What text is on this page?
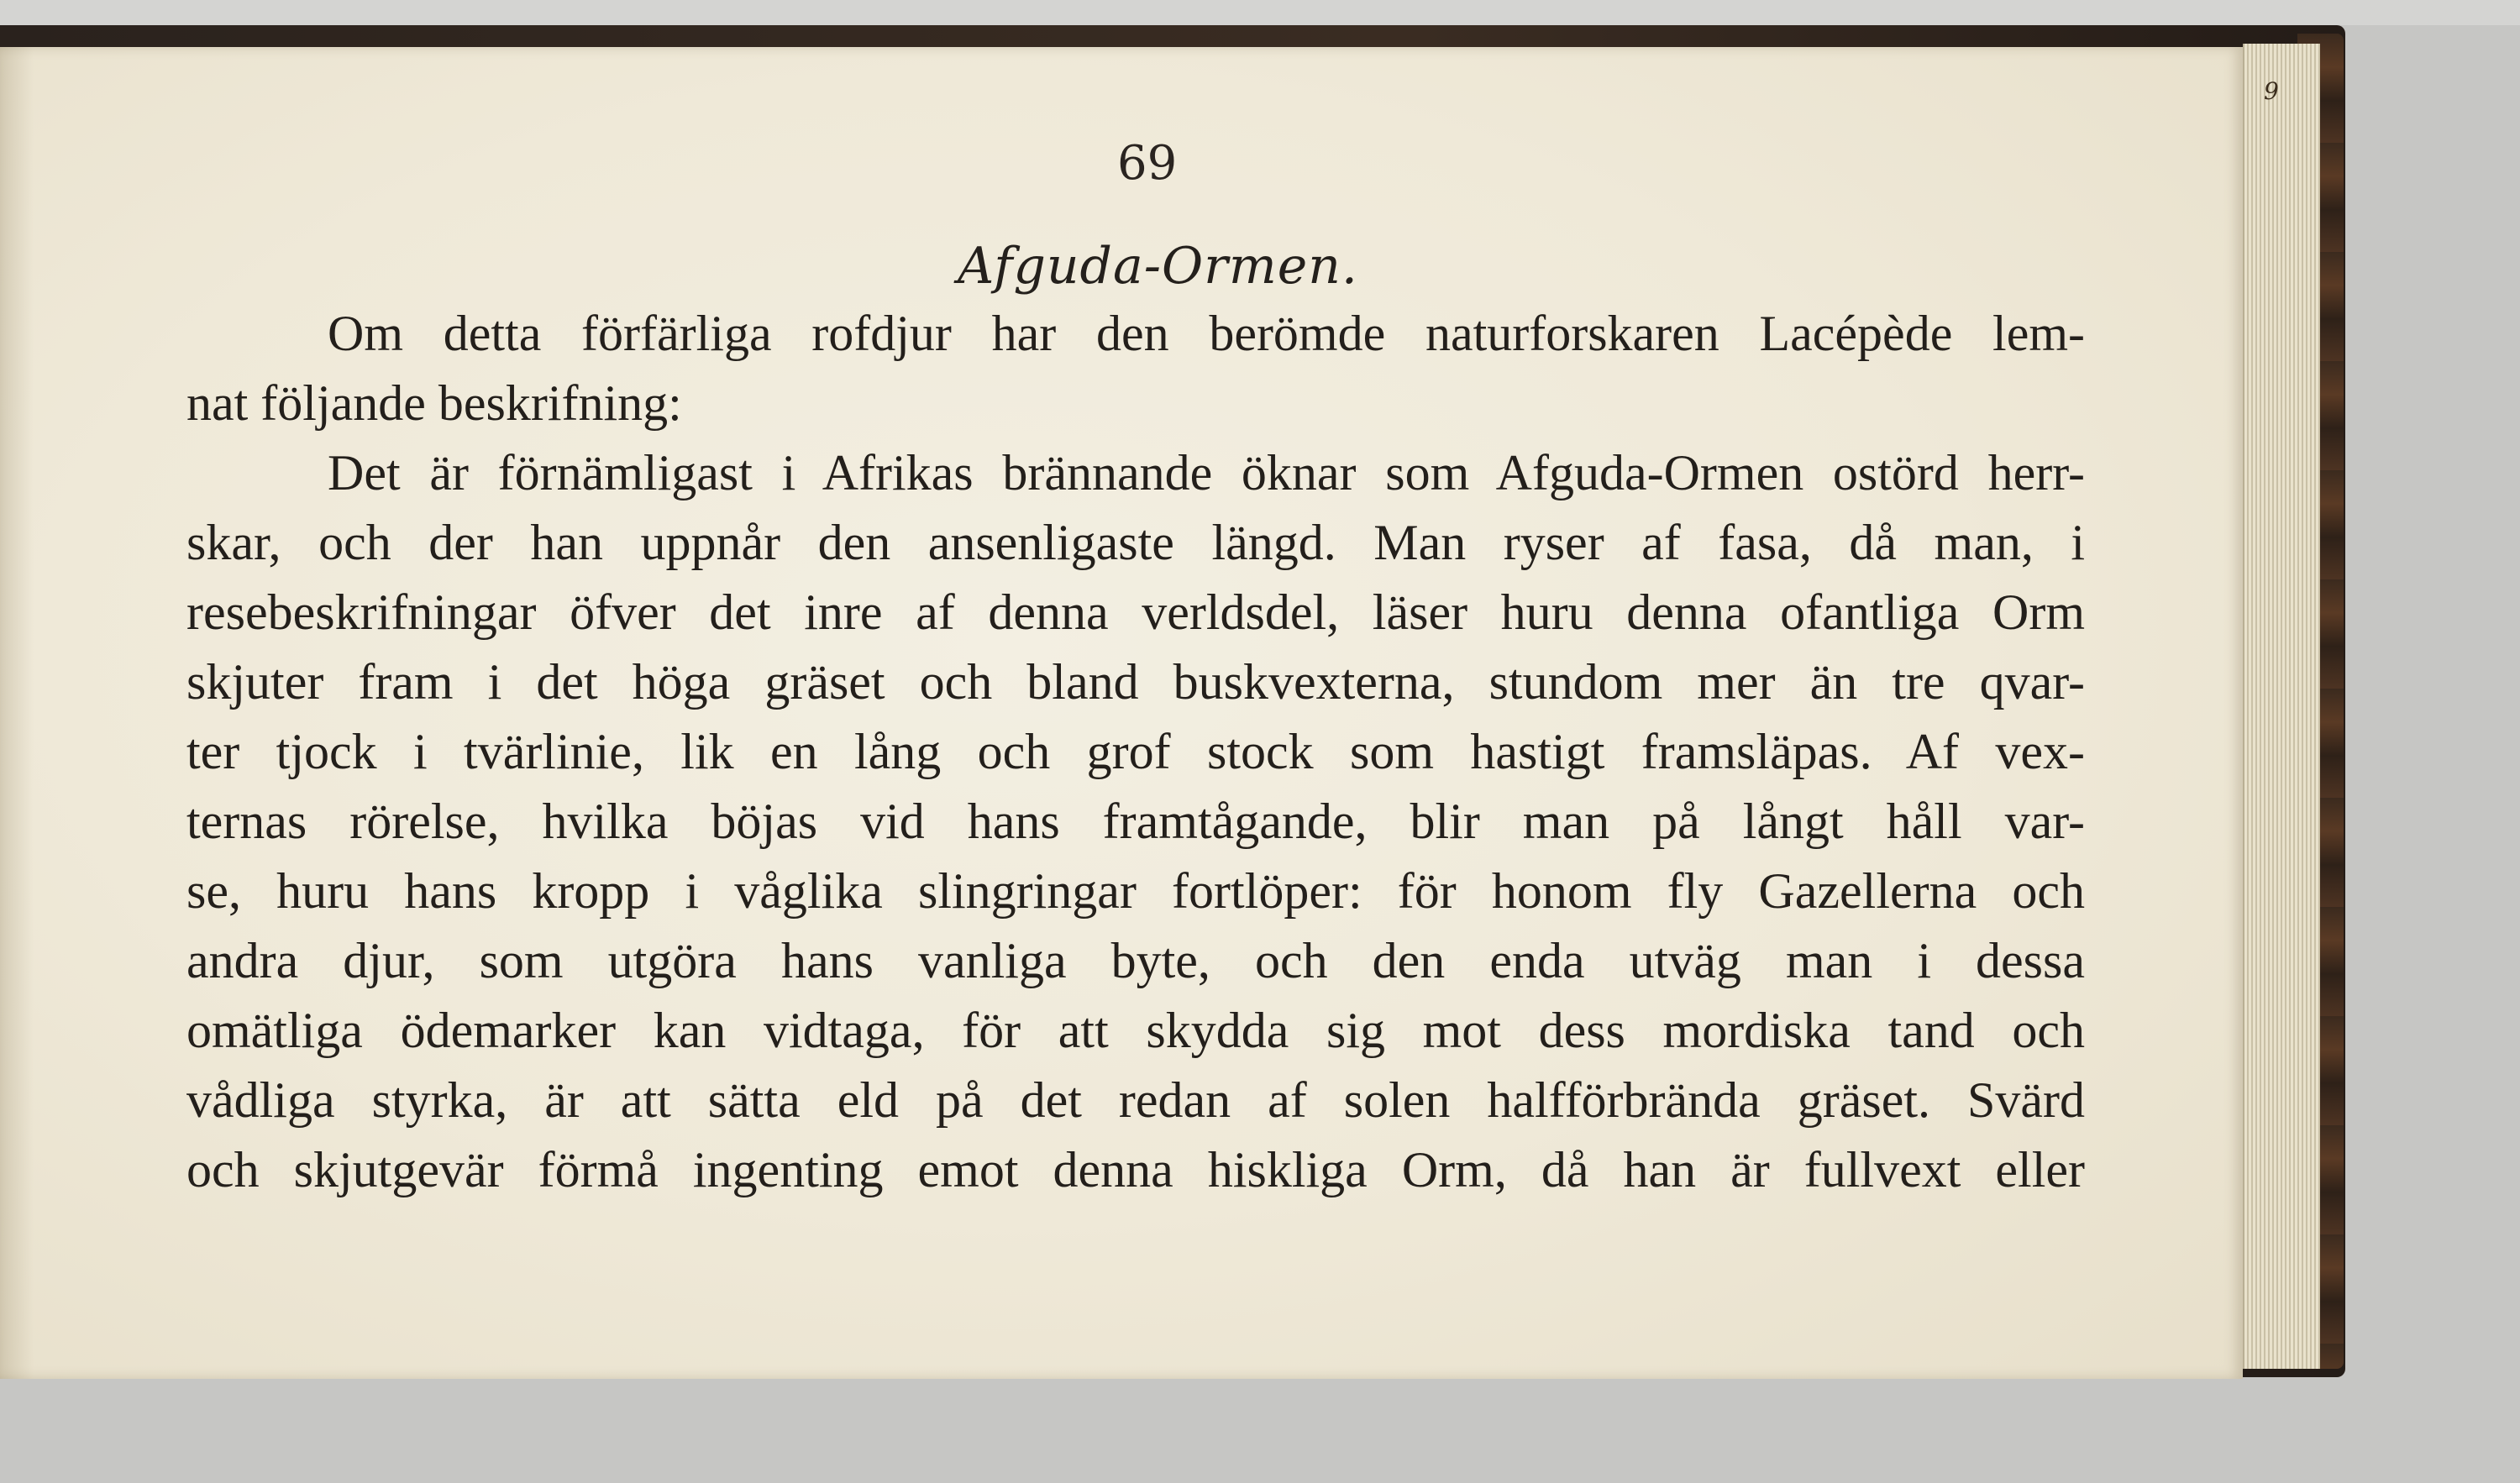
9
69
Afguda-Ormen.
Om detta förfärliga rofdjur har den berömde naturforskaren Lacépède lem-
nat följande beskrifning:
Det är förnämligast i Afrikas brännande öknar som Afguda-Ormen ostörd herr-
skar, och der han uppnår den ansenligaste längd. Man ryser af fasa, då man, i
resebeskrifningar öfver det inre af denna verldsdel, läser huru denna ofantliga Orm
skjuter fram i det höga gräset och bland buskvexterna, stundom mer än tre qvar-
ter tjock i tvärlinie, lik en lång och grof stock som hastigt framsläpas. Af vex-
ternas rörelse, hvilka böjas vid hans framtågande, blir man på långt håll var-
se, huru hans kropp i våglika slingringar fortlöper: för honom fly Gazellerna och
andra djur, som utgöra hans vanliga byte, och den enda utväg man i dessa
omätliga ödemarker kan vidtaga, för att skydda sig mot dess mordiska tand och
vådliga styrka, är att sätta eld på det redan af solen halfförbrända gräset. Svärd
och skjutgevär förmå ingenting emot denna hiskliga Orm, då han är fullvext eller
